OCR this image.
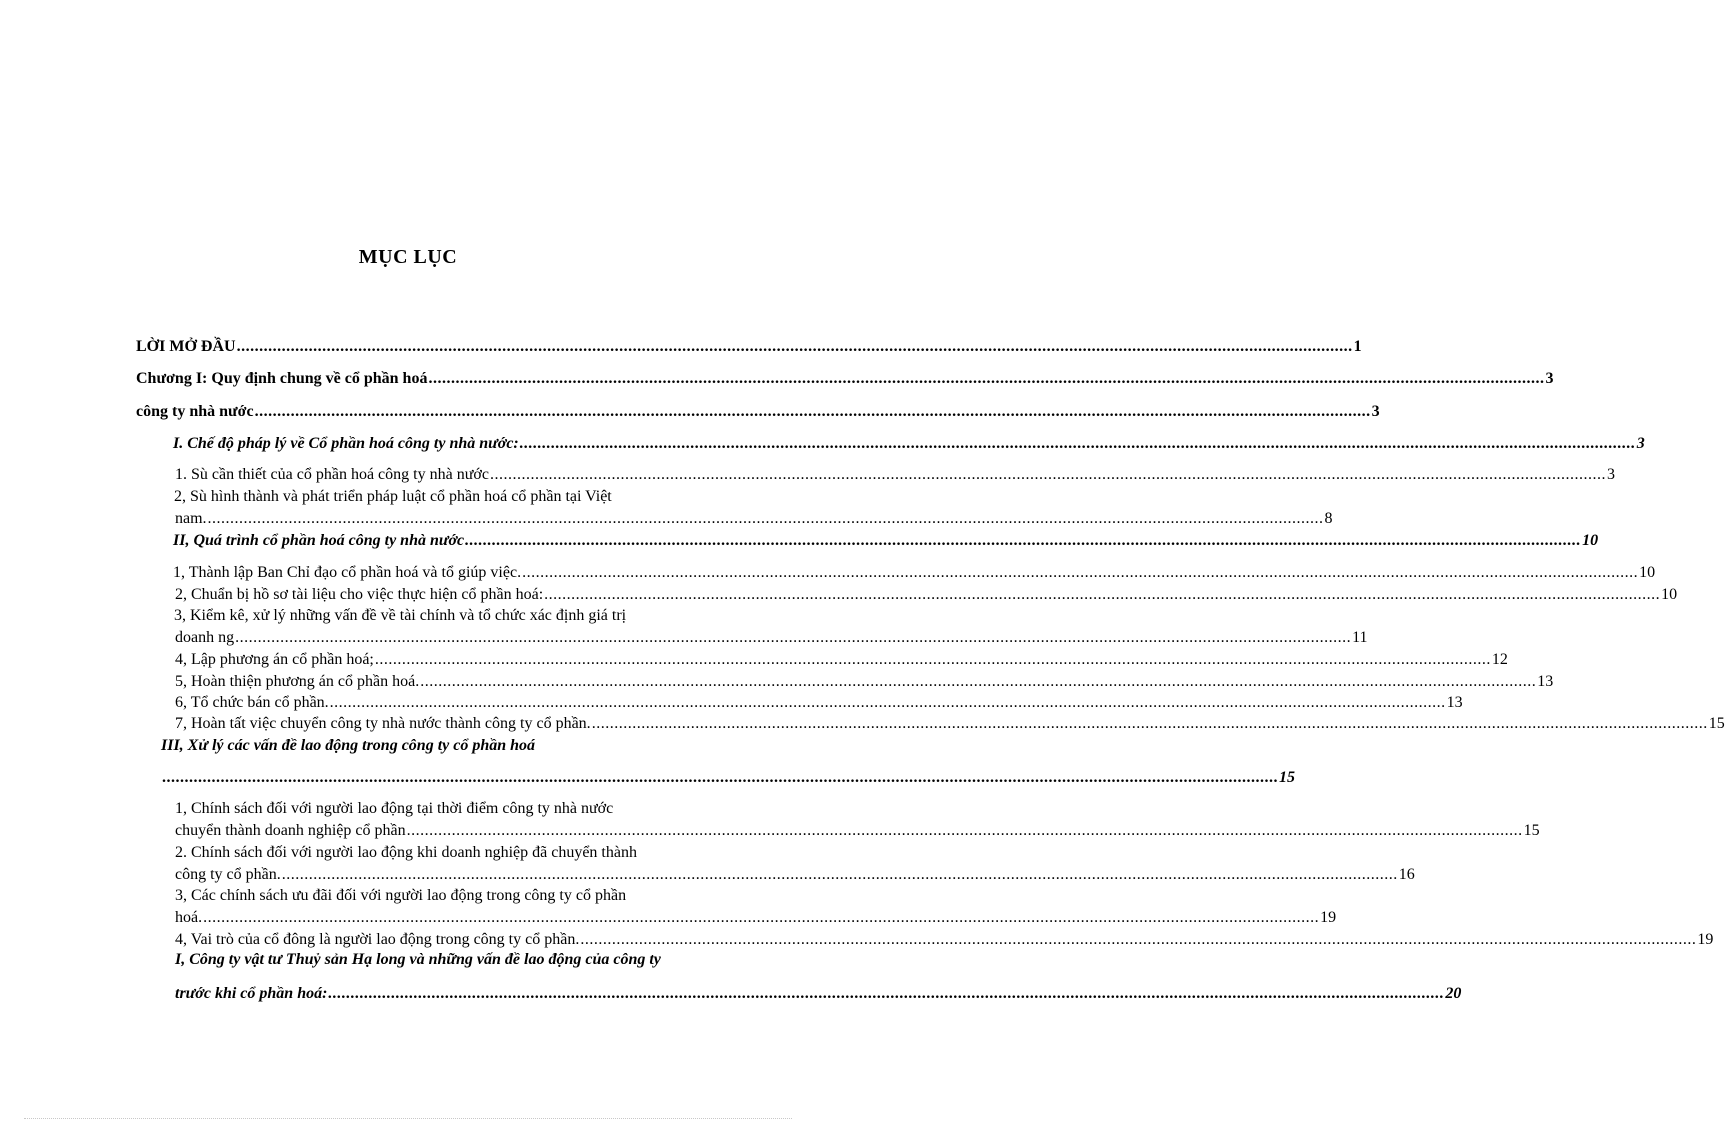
MỤC LỤC
LỜI MỞ ĐẦU ........................................................................................................................................................................................................................................................ 1
Chương I: Quy định chung về cổ phần hoá ........................................................................................................................................................................................................................................................ 3
công ty nhà nước ........................................................................................................................................................................................................................................................ 3
I. Chế độ pháp lý về Cổ phần hoá công ty nhà nước: ........................................................................................................................................................................................................................................................ 3
1. Sù cần thiết của cổ phần hoá công ty nhà nước ........................................................................................................................................................................................................................................................ 3
2, Sù hình thành và phát triển pháp luật cổ phần hoá cổ phần tại Việt
nam. ........................................................................................................................................................................................................................................................ 8
II, Quá trình cổ phần hoá công ty nhà nước ........................................................................................................................................................................................................................................................ 10
1, Thành lập Ban Chỉ đạo cổ phần hoá và tổ giúp việc. ........................................................................................................................................................................................................................................................ 10
2, Chuẩn bị hồ sơ tài liệu cho việc thực hiện cổ phần hoá: ........................................................................................................................................................................................................................................................ 10
3, Kiểm kê, xử lý những vấn đề về tài chính và tổ chức xác định giá trị
doanh ng ........................................................................................................................................................................................................................................................ 11
4, Lập phương án cổ phần hoá; ........................................................................................................................................................................................................................................................ 12
5, Hoàn thiện phương án cổ phần hoá. ........................................................................................................................................................................................................................................................ 13
6, Tổ chức bán cổ phần. ........................................................................................................................................................................................................................................................ 13
7, Hoàn tất việc chuyển công ty nhà nước thành công ty cổ phần. ........................................................................................................................................................................................................................................................ 15
III, Xử lý các vấn đề lao động trong công ty cổ phần hoá
........................................................................................................................................................................................................................................................ 15
1, Chính sách đối với người lao động tại thời điểm công ty nhà nước
chuyển thành doanh nghiệp cổ phần ........................................................................................................................................................................................................................................................ 15
2. Chính sách đối với người lao động khi doanh nghiệp đã chuyển thành
công ty cổ phần. ........................................................................................................................................................................................................................................................ 16
3, Các chính sách ưu đãi đối với người lao động trong công ty cổ phần
hoá. ........................................................................................................................................................................................................................................................ 19
4, Vai trò của cổ đông là người lao động trong công ty cổ phần. ........................................................................................................................................................................................................................................................ 19
I, Công ty vật tư Thuỷ sản Hạ long và những vấn đề lao động của công ty
trước khi cổ phần hoá: ........................................................................................................................................................................................................................................................ 20
